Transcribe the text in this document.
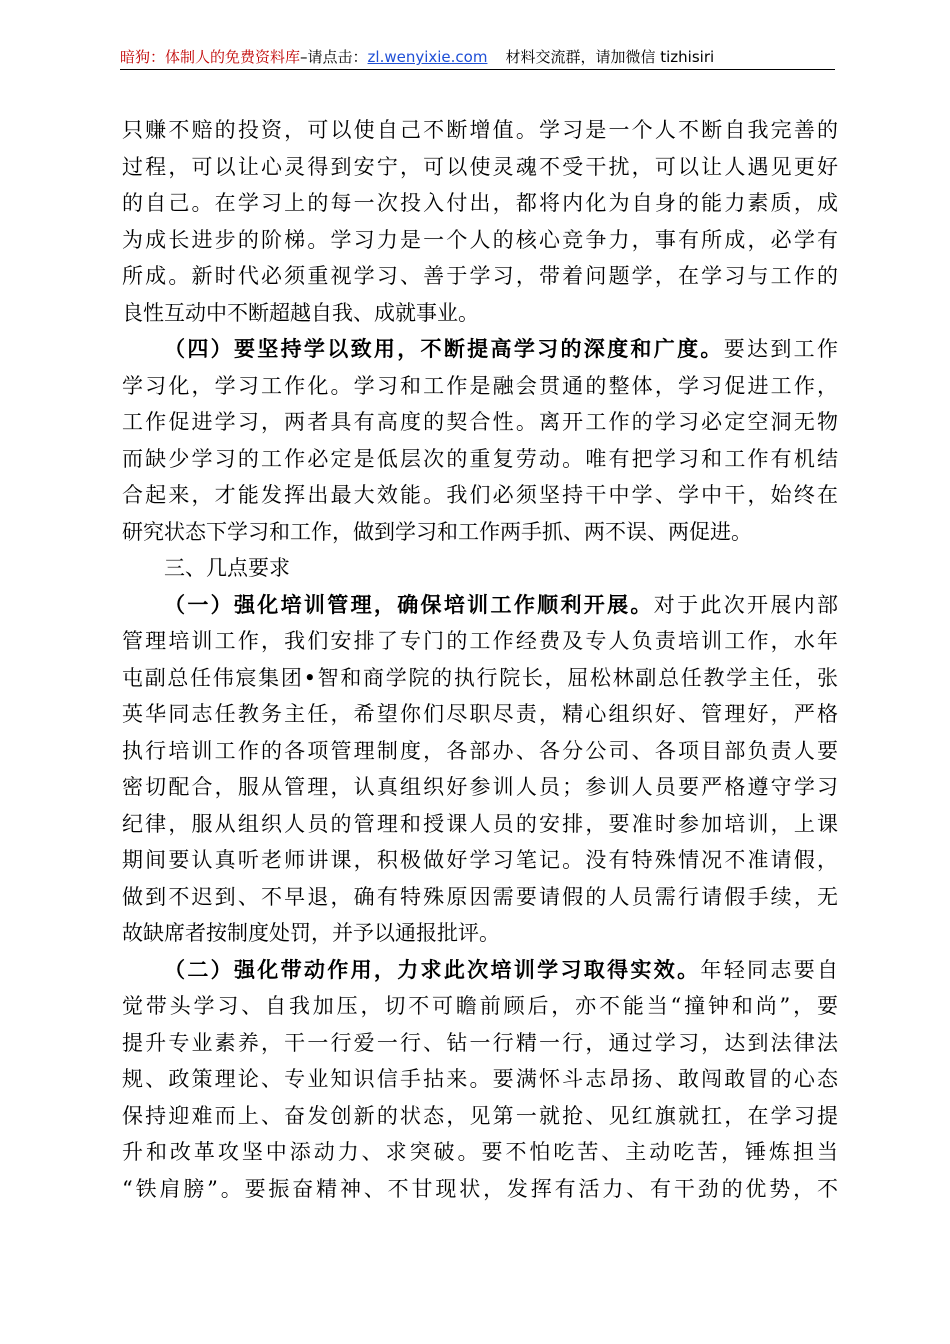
暗狗：体制人的免费资料库–请点击：zl.wenyixie.com 材料交流群，请加微信 tizhisiri
只赚不赔的投资，可以使自己不断增值。学习是一个人不断自我完善的
过程，可以让心灵得到安宁，可以使灵魂不受干扰，可以让人遇见更好
的自己。在学习上的每一次投入付出，都将内化为自身的能力素质，成
为成长进步的阶梯。学习力是一个人的核心竞争力，事有所成，必学有
所成。新时代必须重视学习、善于学习，带着问题学，在学习与工作的
良性互动中不断超越自我、成就事业。
（四）要坚持学以致用，不断提高学习的深度和广度。要达到工作
学习化，学习工作化。学习和工作是融会贯通的整体，学习促进工作，
工作促进学习，两者具有高度的契合性。离开工作的学习必定空洞无物
而缺少学习的工作必定是低层次的重复劳动。唯有把学习和工作有机结
合起来，才能发挥出最大效能。我们必须坚持干中学、学中干，始终在
研究状态下学习和工作，做到学习和工作两手抓、两不误、两促进。
三、几点要求
（一）强化培训管理，确保培训工作顺利开展。对于此次开展内部
管理培训工作，我们安排了专门的工作经费及专人负责培训工作，水年
屯副总任伟宸集团•智和商学院的执行院长，屈松林副总任教学主任，张
英华同志任教务主任，希望你们尽职尽责，精心组织好、管理好，严格
执行培训工作的各项管理制度，各部办、各分公司、各项目部负责人要
密切配合，服从管理，认真组织好参训人员；参训人员要严格遵守学习
纪律，服从组织人员的管理和授课人员的安排，要准时参加培训，上课
期间要认真听老师讲课，积极做好学习笔记。没有特殊情况不准请假，
做到不迟到、不早退，确有特殊原因需要请假的人员需行请假手续，无
故缺席者按制度处罚，并予以通报批评。
（二）强化带动作用，力求此次培训学习取得实效。年轻同志要自
觉带头学习、自我加压，切不可瞻前顾后，亦不能当“撞钟和尚”，要
提升专业素养，干一行爱一行、钻一行精一行，通过学习，达到法律法
规、政策理论、专业知识信手拈来。要满怀斗志昂扬、敢闯敢冒的心态
保持迎难而上、奋发创新的状态，见第一就抢、见红旗就扛，在学习提
升和改革攻坚中添动力、求突破。要不怕吃苦、主动吃苦，锤炼担当
“铁肩膀”。要振奋精神、不甘现状，发挥有活力、有干劲的优势，不
